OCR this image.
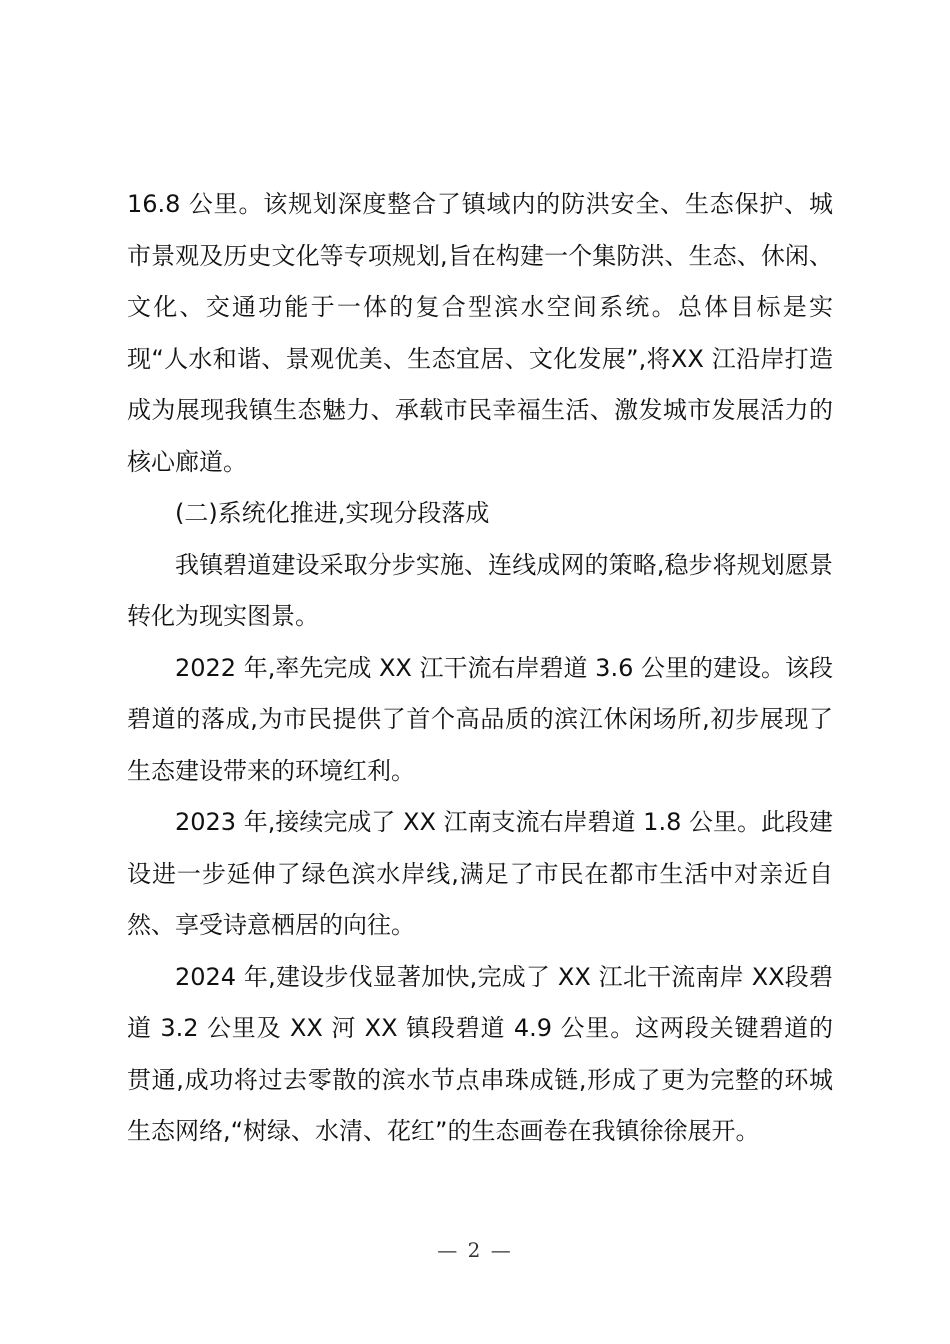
16.8 公里。该规划深度整合了镇域内的防洪安全、生态保护、城市景观及历史文化等专项规划,旨在构建一个集防洪、生态、休闲、文化、交通功能于一体的复合型滨水空间系统。总体目标是实现“人水和谐、景观优美、生态宜居、文化发展”,将XX 江沿岸打造成为展现我镇生态魅力、承载市民幸福生活、激发城市发展活力的核心廊道。

(二)系统化推进,实现分段落成

我镇碧道建设采取分步实施、连线成网的策略,稳步将规划愿景转化为现实图景。

2022 年,率先完成 XX 江干流右岸碧道 3.6 公里的建设。该段碧道的落成,为市民提供了首个高品质的滨江休闲场所,初步展现了生态建设带来的环境红利。

2023 年,接续完成了 XX 江南支流右岸碧道 1.8 公里。此段建设进一步延伸了绿色滨水岸线,满足了市民在都市生活中对亲近自然、享受诗意栖居的向往。

2024 年,建设步伐显著加快,完成了 XX 江北干流南岸 XX段碧道 3.2 公里及 XX 河 XX 镇段碧道 4.9 公里。这两段关键碧道的贯通,成功将过去零散的滨水节点串珠成链,形成了更为完整的环城生态网络,“树绿、水清、花红”的生态画卷在我镇徐徐展开。

— 2 —
